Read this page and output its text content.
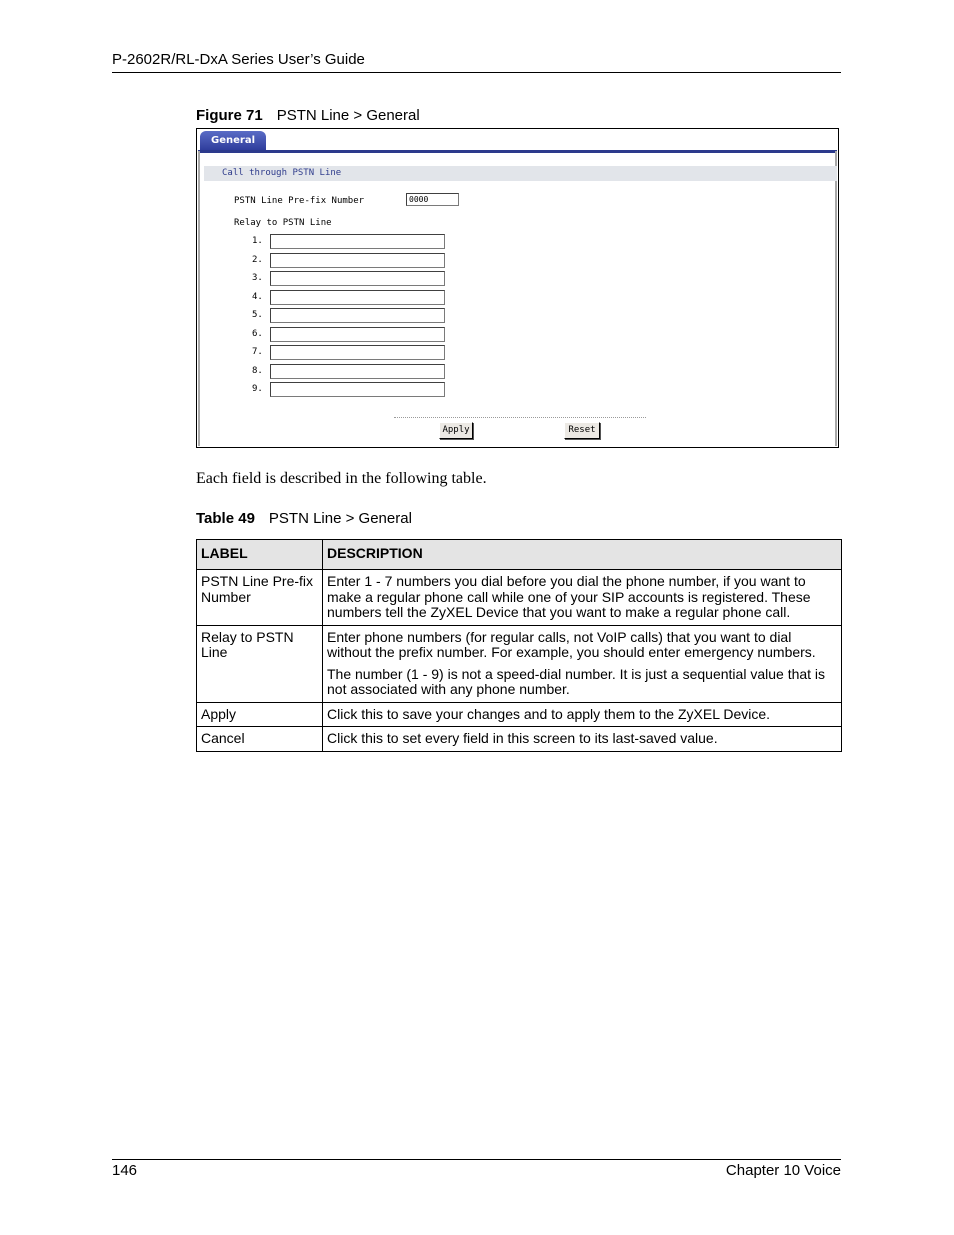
P-2602R/RL-DxA Series User’s Guide
Figure 71 PSTN Line > General
General
Call through PSTN Line
PSTN Line Pre-fix Number	0000
Relay to PSTN Line
1.
2.
3.
4.
5.
6.
7.
8.
9.
Apply	Reset
Each field is described in the following table.
Table 49 PSTN Line > General
LABEL	DESCRIPTION
PSTN Line Pre-fix Number	Enter 1 - 7 numbers you dial before you dial the phone number, if you want to make a regular phone call while one of your SIP accounts is registered. These numbers tell the ZyXEL Device that you want to make a regular phone call.

Relay to PSTN Line	Enter phone numbers (for regular calls, not VoIP calls) that you want to dial without the prefix number. For example, you should enter emergency numbers.

The number (1 - 9) is not a speed-dial number. It is just a sequential value that is not associated with any phone number.

Apply	Click this to save your changes and to apply them to the ZyXEL Device.

Cancel	Click this to set every field in this screen to its last-saved value.

146	Chapter 10 Voice
